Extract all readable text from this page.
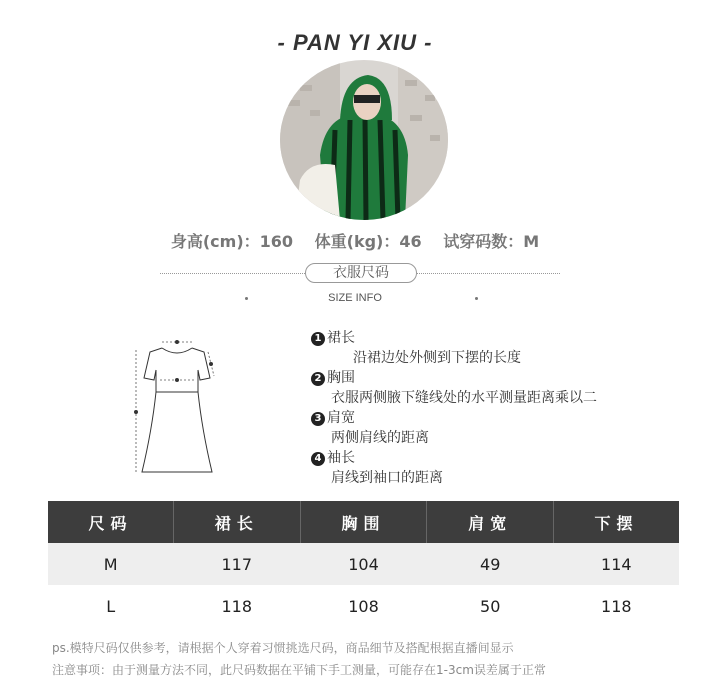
- PAN YI XIU -
身高(cm)：160 体重(kg)：46 试穿码数：M
衣服尺码
SIZE INFO
1 裙长
沿裙边处外侧到下摆的长度
2 胸围
衣服两侧腋下缝线处的水平测量距离乘以二
3 肩宽
两侧肩线的距离
4 袖长
肩线到袖口的距离
尺码	裙长	胸围	肩宽	下摆
M	117	104	49	114
L	118	108	50	118
ps.模特尺码仅供参考，请根据个人穿着习惯挑选尺码，商品细节及搭配根据直播间显示
注意事项：由于测量方法不同，此尺码数据在平铺下手工测量，可能存在1-3cm误差属于正常
